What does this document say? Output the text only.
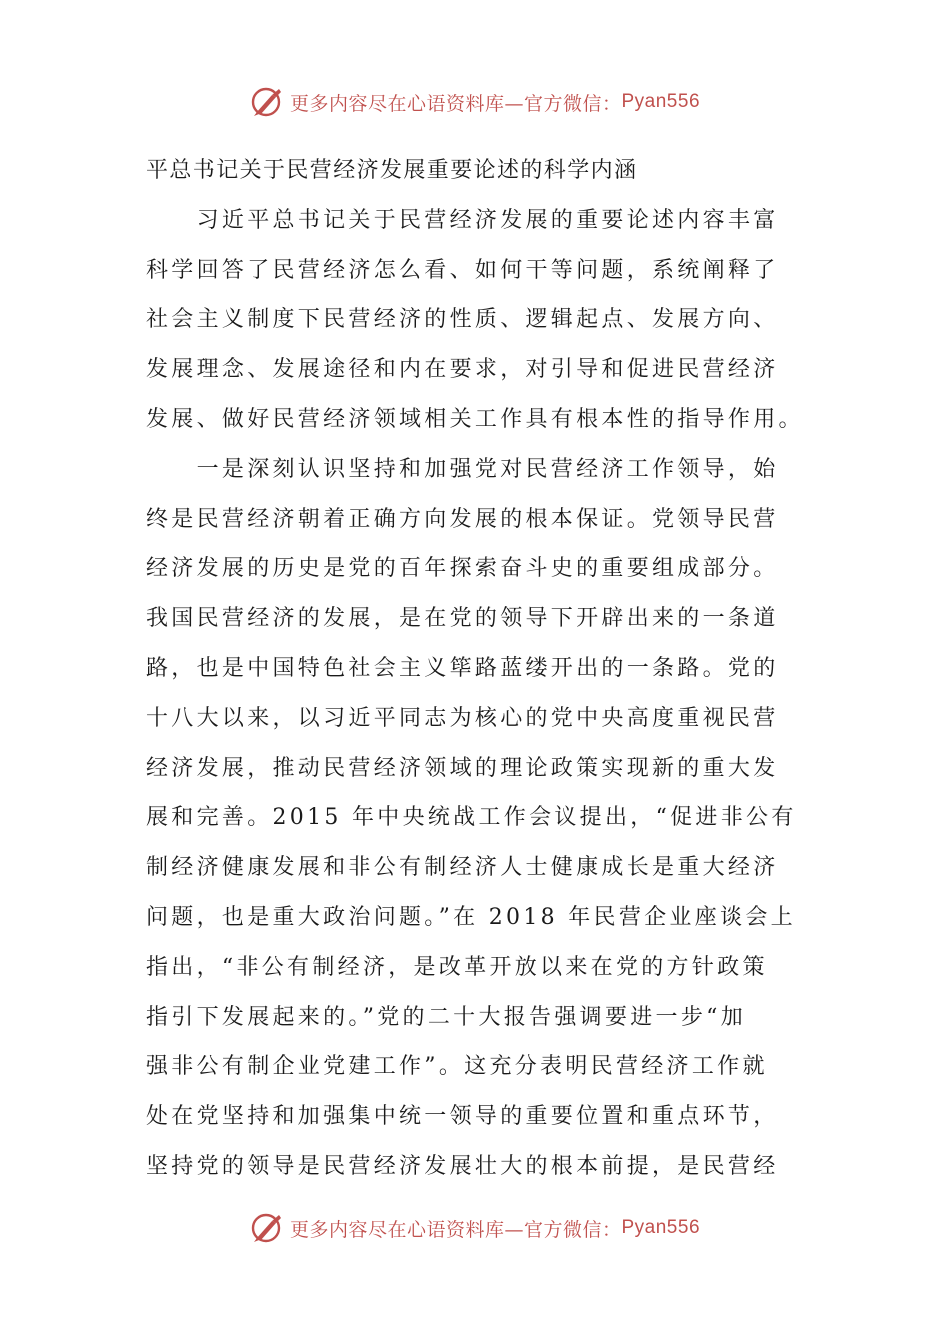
更多内容尽在心语资料库—官方微信： Pyan556
平总书记关于民营经济发展重要论述的科学内涵
　　习近平总书记关于民营经济发展的重要论述内容丰富
科学回答了民营经济怎么看、如何干等问题，系统阐释了
社会主义制度下民营经济的性质、逻辑起点、发展方向、
发展理念、发展途径和内在要求，对引导和促进民营经济
发展、做好民营经济领域相关工作具有根本性的指导作用。
　　一是深刻认识坚持和加强党对民营经济工作领导，始
终是民营经济朝着正确方向发展的根本保证。党领导民营
经济发展的历史是党的百年探索奋斗史的重要组成部分。
我国民营经济的发展，是在党的领导下开辟出来的一条道
路，也是中国特色社会主义筚路蓝缕开出的一条路。党的
十八大以来，以习近平同志为核心的党中央高度重视民营
经济发展，推动民营经济领域的理论政策实现新的重大发
展和完善。2015 年中央统战工作会议提出，“促进非公有
制经济健康发展和非公有制经济人士健康成长是重大经济
问题，也是重大政治问题。”在 2018 年民营企业座谈会上
指出，“非公有制经济，是改革开放以来在党的方针政策
指引下发展起来的。”党的二十大报告强调要进一步“加
强非公有制企业党建工作”。这充分表明民营经济工作就
处在党坚持和加强集中统一领导的重要位置和重点环节，
坚持党的领导是民营经济发展壮大的根本前提，是民营经
更多内容尽在心语资料库—官方微信： Pyan556
